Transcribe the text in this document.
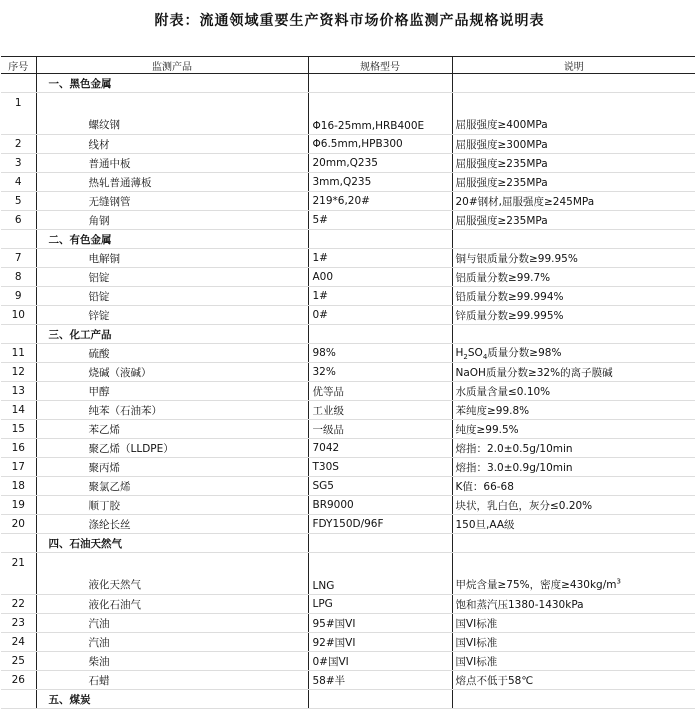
附表：流通领域重要生产资料市场价格监测产品规格说明表
序号	监测产品	规格型号	说明
	一、黑色金属		
1	螺纹钢	Φ16-25mm,HRB400E	屈服强度≥400MPa
2	线材	Φ6.5mm,HPB300	屈服强度≥300MPa
3	普通中板	20mm,Q235	屈服强度≥235MPa
4	热轧普通薄板	3mm,Q235	屈服强度≥235MPa
5	无缝钢管	219*6,20#	20#钢材,屈服强度≥245MPa
6	角钢	5#	屈服强度≥235MPa
	二、有色金属		
7	电解铜	1#	铜与银质量分数≥99.95%
8	铝锭	A00	铝质量分数≥99.7%
9	铅锭	1#	铅质量分数≥99.994%
10	锌锭	0#	锌质量分数≥99.995%
	三、化工产品		
11	硫酸	98%	$H_2SO_4$质量分数≥98%
12	烧碱（液碱）	32%	NaOH质量分数≥32%的离子膜碱
13	甲醇	优等品	水质量含量≤0.10%
14	纯苯（石油苯）	工业级	苯纯度≥99.8%
15	苯乙烯	一级品	纯度≥99.5%
16	聚乙烯（LLDPE）	7042	熔指：2.0±0.5g/10min
17	聚丙烯	T30S	熔指：3.0±0.9g/10min
18	聚氯乙烯	SG5	K值：66-68
19	顺丁胶	BR9000	块状，乳白色，灰分≤0.20%
20	涤纶长丝	FDY150D/96F	150旦,AA级
	四、石油天然气		
21	液化天然气	LNG	甲烷含量≥75%，密度$\ge 430kg/m^3$
22	液化石油气	LPG	饱和蒸汽压1380-1430kPa
23	汽油	95#国VI	国VI标准
24	汽油	92#国VI	国VI标准
25	柴油	0#国VI	国VI标准
26	石蜡	58#半	熔点不低于58℃
	五、煤炭		
